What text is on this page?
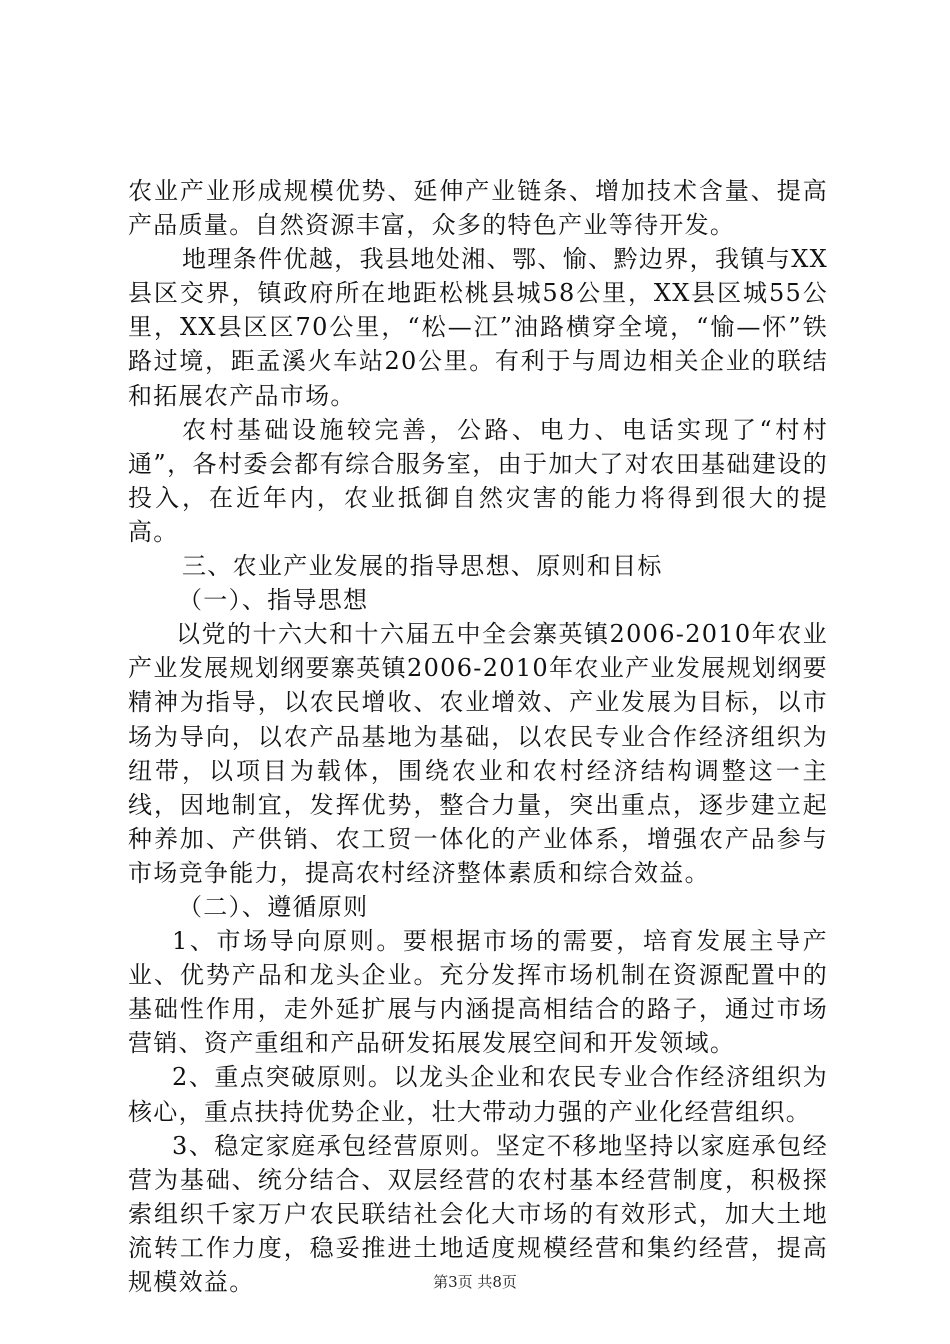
农业产业形成规模优势、延伸产业链条、增加技术含量、提高产品质量。自然资源丰富，众多的特色产业等待开发。

地理条件优越，我县地处湘、鄂、愉、黔边界，我镇与XX县区交界，镇政府所在地距松桃县城58公里，XX县区城55公里，XX县区区70公里，“松—江”油路横穿全境，“愉—怀”铁路过境，距孟溪火车站20公里。有利于与周边相关企业的联结和拓展农产品市场。

农村基础设施较完善，公路、电力、电话实现了“村村通”，各村委会都有综合服务室，由于加大了对农田基础建设的投入，在近年内，农业抵御自然灾害的能力将得到很大的提高。

三、农业产业发展的指导思想、原则和目标

（一）、指导思想

以党的十六大和十六届五中全会寨英镇2006-2010年农业产业发展规划纲要寨英镇2006-2010年农业产业发展规划纲要精神为指导，以农民增收、农业增效、产业发展为目标，以市场为导向，以农产品基地为基础，以农民专业合作经济组织为纽带，以项目为载体，围绕农业和农村经济结构调整这一主线，因地制宜，发挥优势，整合力量，突出重点，逐步建立起种养加、产供销、农工贸一体化的产业体系，增强农产品参与市场竞争能力，提高农村经济整体素质和综合效益。

（二）、遵循原则

1、市场导向原则。要根据市场的需要，培育发展主导产业、优势产品和龙头企业。充分发挥市场机制在资源配置中的基础性作用，走外延扩展与内涵提高相结合的路子，通过市场营销、资产重组和产品研发拓展发展空间和开发领域。

2、重点突破原则。以龙头企业和农民专业合作经济组织为核心，重点扶持优势企业，壮大带动力强的产业化经营组织。

3、稳定家庭承包经营原则。坚定不移地坚持以家庭承包经营为基础、统分结合、双层经营的农村基本经营制度，积极探索组织千家万户农民联结社会化大市场的有效形式，加大土地流转工作力度，稳妥推进土地适度规模经营和集约经营，提高规模效益。	第3页 共8页
